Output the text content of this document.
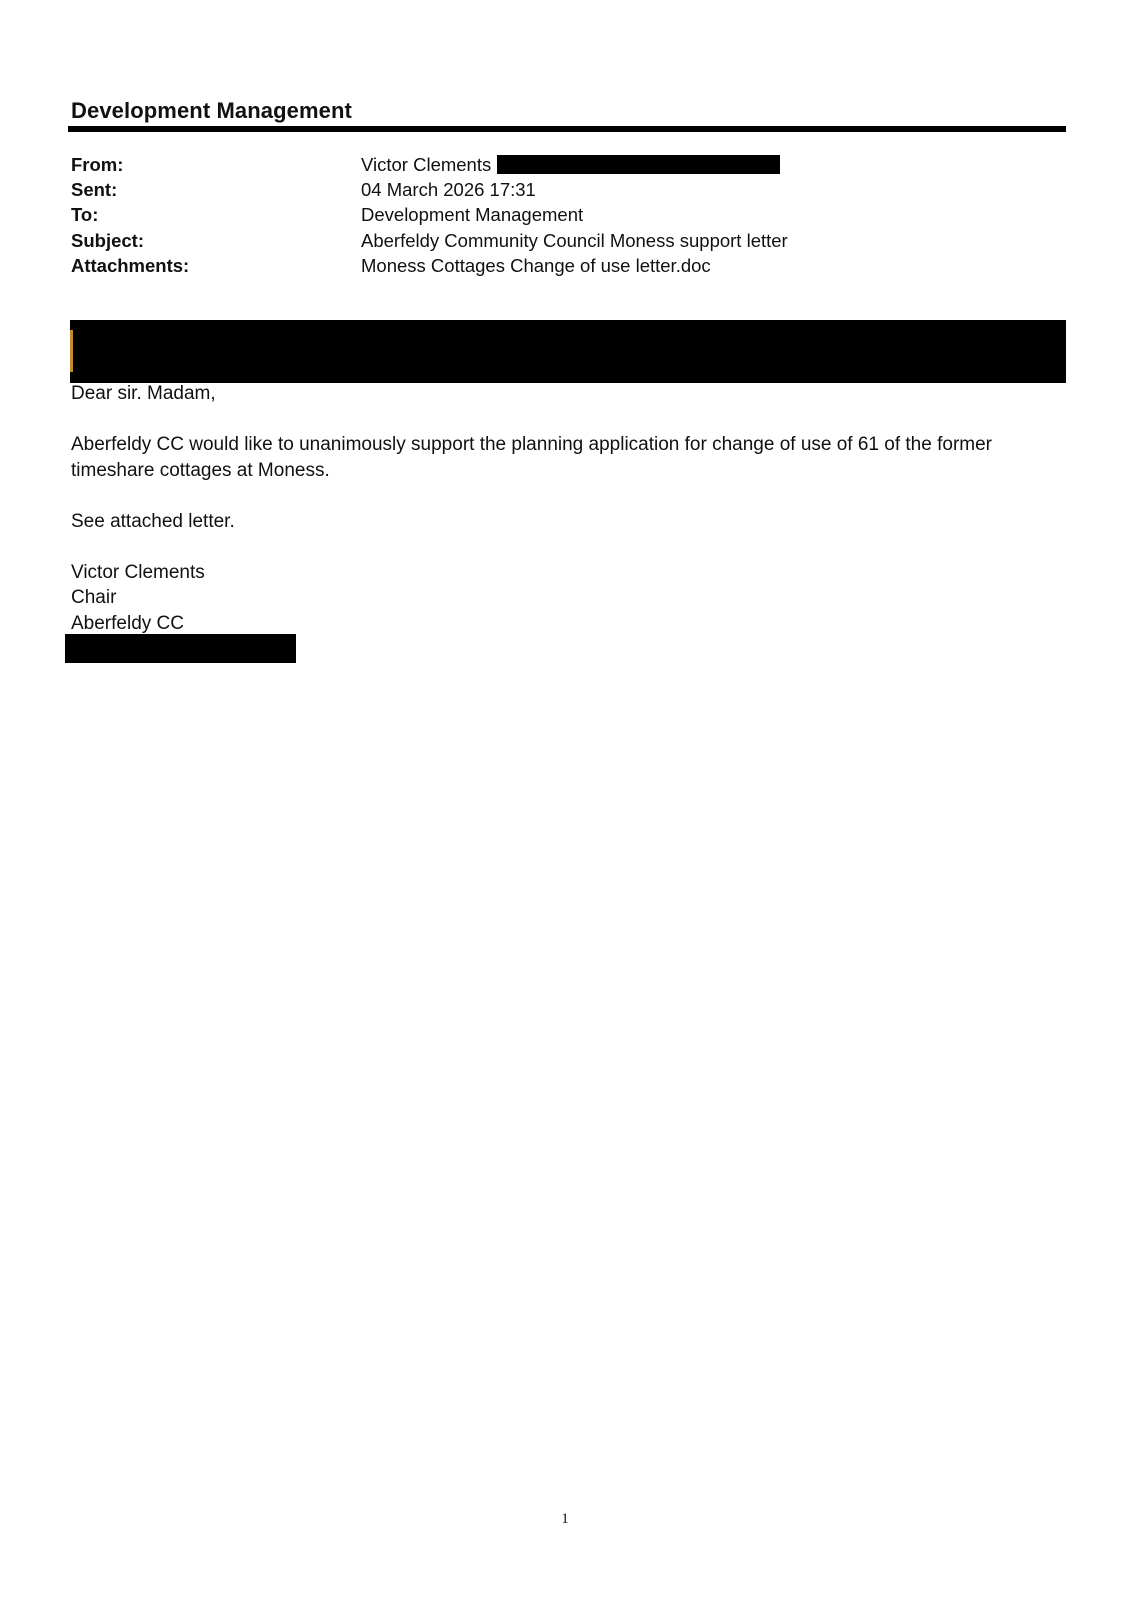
Development Management
From:	Victor Clements
Sent:	04 March 2026 17:31
To:	Development Management
Subject:	Aberfeldy Community Council Moness support letter
Attachments:	Moness Cottages Change of use letter.doc

Dear sir. Madam,

Aberfeldy CC would like to unanimously support the planning application for change of use of 61 of the former timeshare cottages at Moness.

See attached letter.

Victor Clements
Chair
Aberfeldy CC
1
